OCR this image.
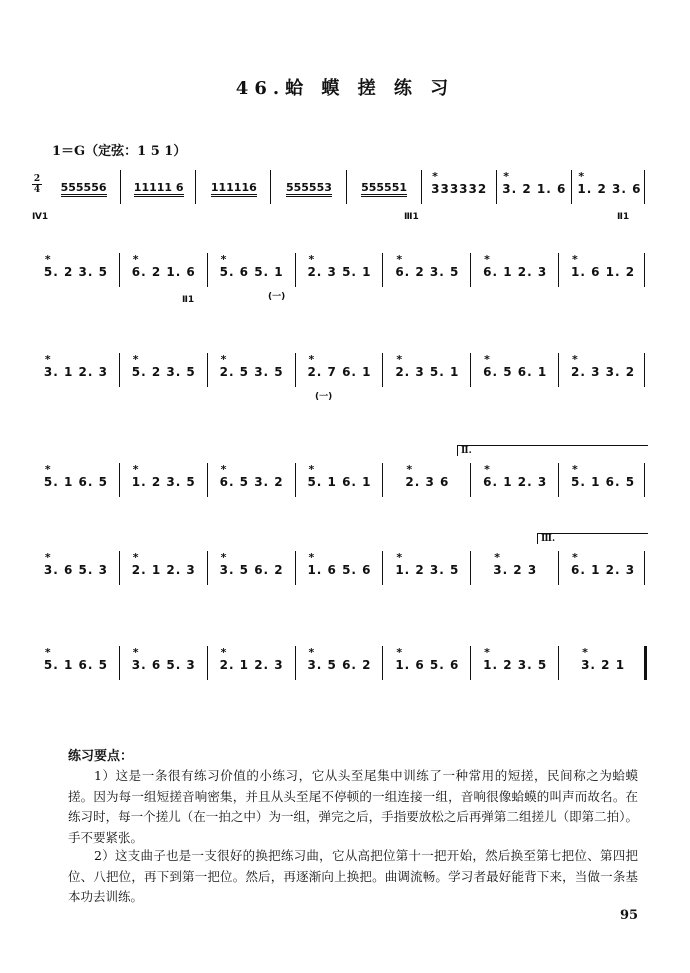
46.蛤 蟆 搓 练 习
1＝G（定弦：1 5 1）
2
4 555556 11111 6 111116	555553	555551 * 333332 * 3. 2 1. 6 * 1. 2 3. 6
Ⅳ1	Ⅲ1	Ⅱ1
* 5. 2 3. 5 * 6. 2 1. 6 * 5. 6 5. 1 * 2. 3 5. 1 * 6. 2 3. 5 * 6. 1 2. 3 * 1. 6 1. 2
Ⅱ1	(一)
* 3. 1 2. 3 * 5. 2 3. 5 * 2. 5 3. 5 * 2. 7 6. 1 * 2. 3 5. 1 * 6. 5 6. 1 * 2. 3 3. 2
(一)
* 5. 1 6. 5 * 1. 2 3. 5 * 6. 5 3. 2 * 5. 1 6. 1	* 2. 3 6	* 6. 1 2. 3 * 5. 1 6. 5
Ⅱ.
* 3. 6 5. 3 * 2. 1 2. 3 * 3. 5 6. 2 * 1. 6 5. 6 * 1. 2 3. 5	* 3. 2 3	* 6. 1 2. 3
Ⅲ.
* 5. 1 6. 5 * 3. 6 5. 3 * 2. 1 2. 3 * 3. 5 6. 2 * 1. 6 5. 6 * 1. 2 3. 5	* 3. 2 1
练习要点：
1）这是一条很有练习价值的小练习，它从头至尾集中训练了一种常用的短搓，民间称之为蛤蟆搓。因为每一组短搓音响密集，并且从头至尾不停顿的一组连接一组，音响很像蛤蟆的叫声而故名。在练习时，每一个搓儿（在一拍之中）为一组，弹完之后，手指要放松之后再弹第二组搓儿（即第二拍）。手不要紧张。
2）这支曲子也是一支很好的换把练习曲，它从高把位第十一把开始，然后换至第七把位、第四把位、八把位，再下到第一把位。然后，再逐渐向上换把。曲调流畅。学习者最好能背下来，当做一条基本功去训练。
95
